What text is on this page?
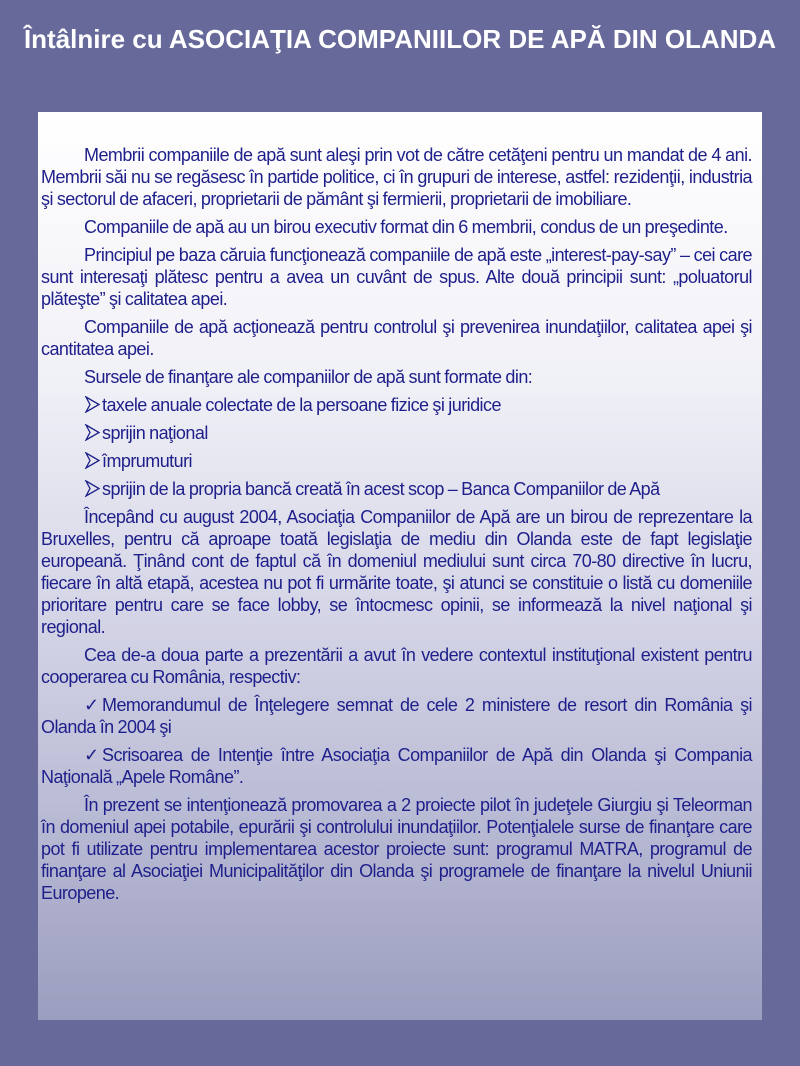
Întâlnire cu ASOCIAŢIA COMPANIILOR DE APĂ DIN OLANDA

Membrii companiile de apă sunt aleşi prin vot de către cetăţeni pentru un mandat de 4 ani. Membrii săi nu se regăsesc în partide politice, ci în grupuri de interese, astfel: rezidenţii, industria şi sectorul de afaceri, proprietarii de pământ şi fermierii, proprietarii de imobiliare.

Companiile de apă au un birou executiv format din 6 membrii, condus de un preşedinte.

Principiul pe baza căruia funcţionează companiile de apă este „interest-pay-say” – cei care sunt interesaţi plătesc pentru a avea un cuvânt de spus. Alte două principii sunt: „poluatorul plăteşte” şi calitatea apei.

Companiile de apă acţionează pentru controlul şi prevenirea inundaţiilor, calitatea apei şi cantitatea apei.

Sursele de finanţare ale companiilor de apă sunt formate din:

taxele anuale colectate de la persoane fizice şi juridice

sprijin naţional

împrumuturi

sprijin de la propria bancă creată în acest scop – Banca Companiilor de Apă

Începând cu august 2004, Asociaţia Companiilor de Apă are un birou de reprezentare la Bruxelles, pentru că aproape toată legislaţia de mediu din Olanda este de fapt legislaţie europeană. Ţinând cont de faptul că în domeniul mediului sunt circa 70-80 directive în lucru, fiecare în altă etapă, acestea nu pot fi urmărite toate, şi atunci se constituie o listă cu domeniile prioritare pentru care se face lobby, se întocmesc opinii, se informează la nivel naţional şi regional.

Cea de-a doua parte a prezentării a avut în vedere contextul instituţional existent pentru cooperarea cu România, respectiv:

✓ Memorandumul de Înţelegere semnat de cele 2 ministere de resort din România şi Olanda în 2004 şi

✓ Scrisoarea de Intenţie între Asociaţia Companiilor de Apă din Olanda şi Compania Naţională „Apele Române”.

În prezent se intenţionează promovarea a 2 proiecte pilot în judeţele Giurgiu şi Teleorman în domeniul apei potabile, epurării şi controlului inundaţiilor. Potenţialele surse de finanţare care pot fi utilizate pentru implementarea acestor proiecte sunt: programul MATRA, programul de finanţare al Asociaţiei Municipalităţilor din Olanda şi programele de finanţare la nivelul Uniunii Europene.
